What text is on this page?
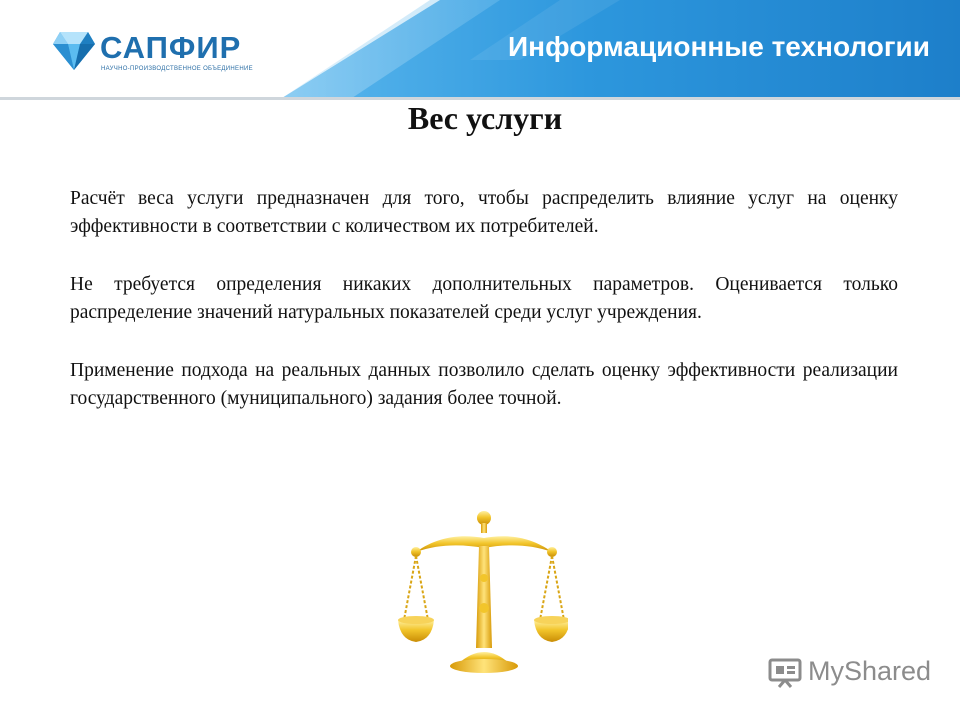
САПФИР
НАУЧНО-ПРОИЗВОДСТВЕННОЕ ОБЪЕДИНЕНИЕ
Информационные технологии
Вес услуги

Расчёт веса услуги предназначен для того, чтобы распределить влияние услуг на оценку эффективности в соответствии с количеством их потребителей.

Не требуется определения никаких дополнительных параметров. Оценивается только распределение значений натуральных показателей среди услуг учреждения.

Применение подхода на реальных данных позволило сделать оценку эффективности реализации государственного (муниципального) задания более точной.

MyShared
